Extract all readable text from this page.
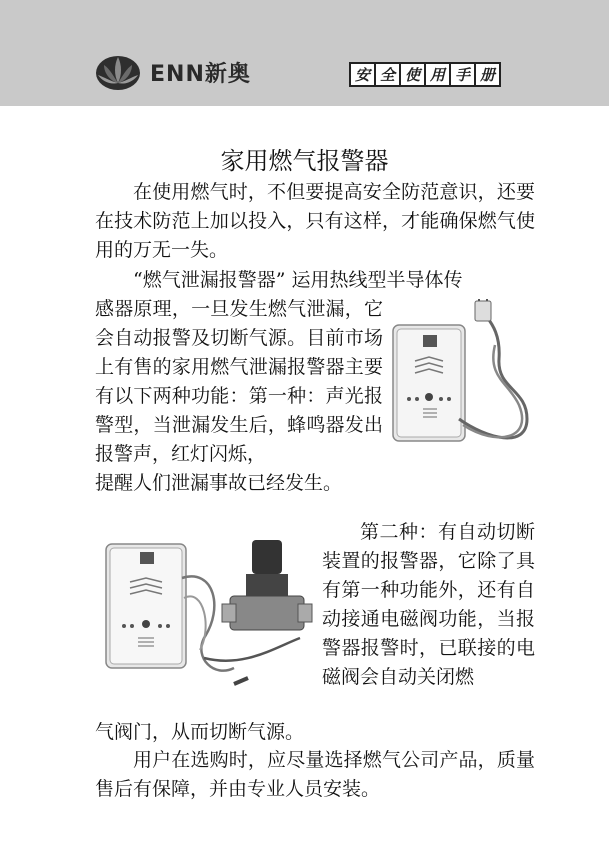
ENN新奥	安 全 使 用 手 册
家用燃气报警器

在使用燃气时，不但要提高安全防范意识，还要在技术防范上加以投入，只有这样，才能确保燃气使用的万无一失。

“燃气泄漏报警器” 运用热线型半导体传

感器原理，一旦发生燃气泄漏，它会自动报警及切断气源。目前市场上有售的家用燃气泄漏报警器主要有以下两种功能：第一种：声光报警型，当泄漏发生后，蜂鸣器发出报警声，红灯闪烁，

提醒人们泄漏事故已经发生。

第二种：有自动切断装置的报警器，它除了具有第一种功能外，还有自动接通电磁阀功能，当报警器报警时，已联接的电磁阀会自动关闭燃

气阀门，从而切断气源。

用户在选购时，应尽量选择燃气公司产品，质量售后有保障，并由专业人员安装。
